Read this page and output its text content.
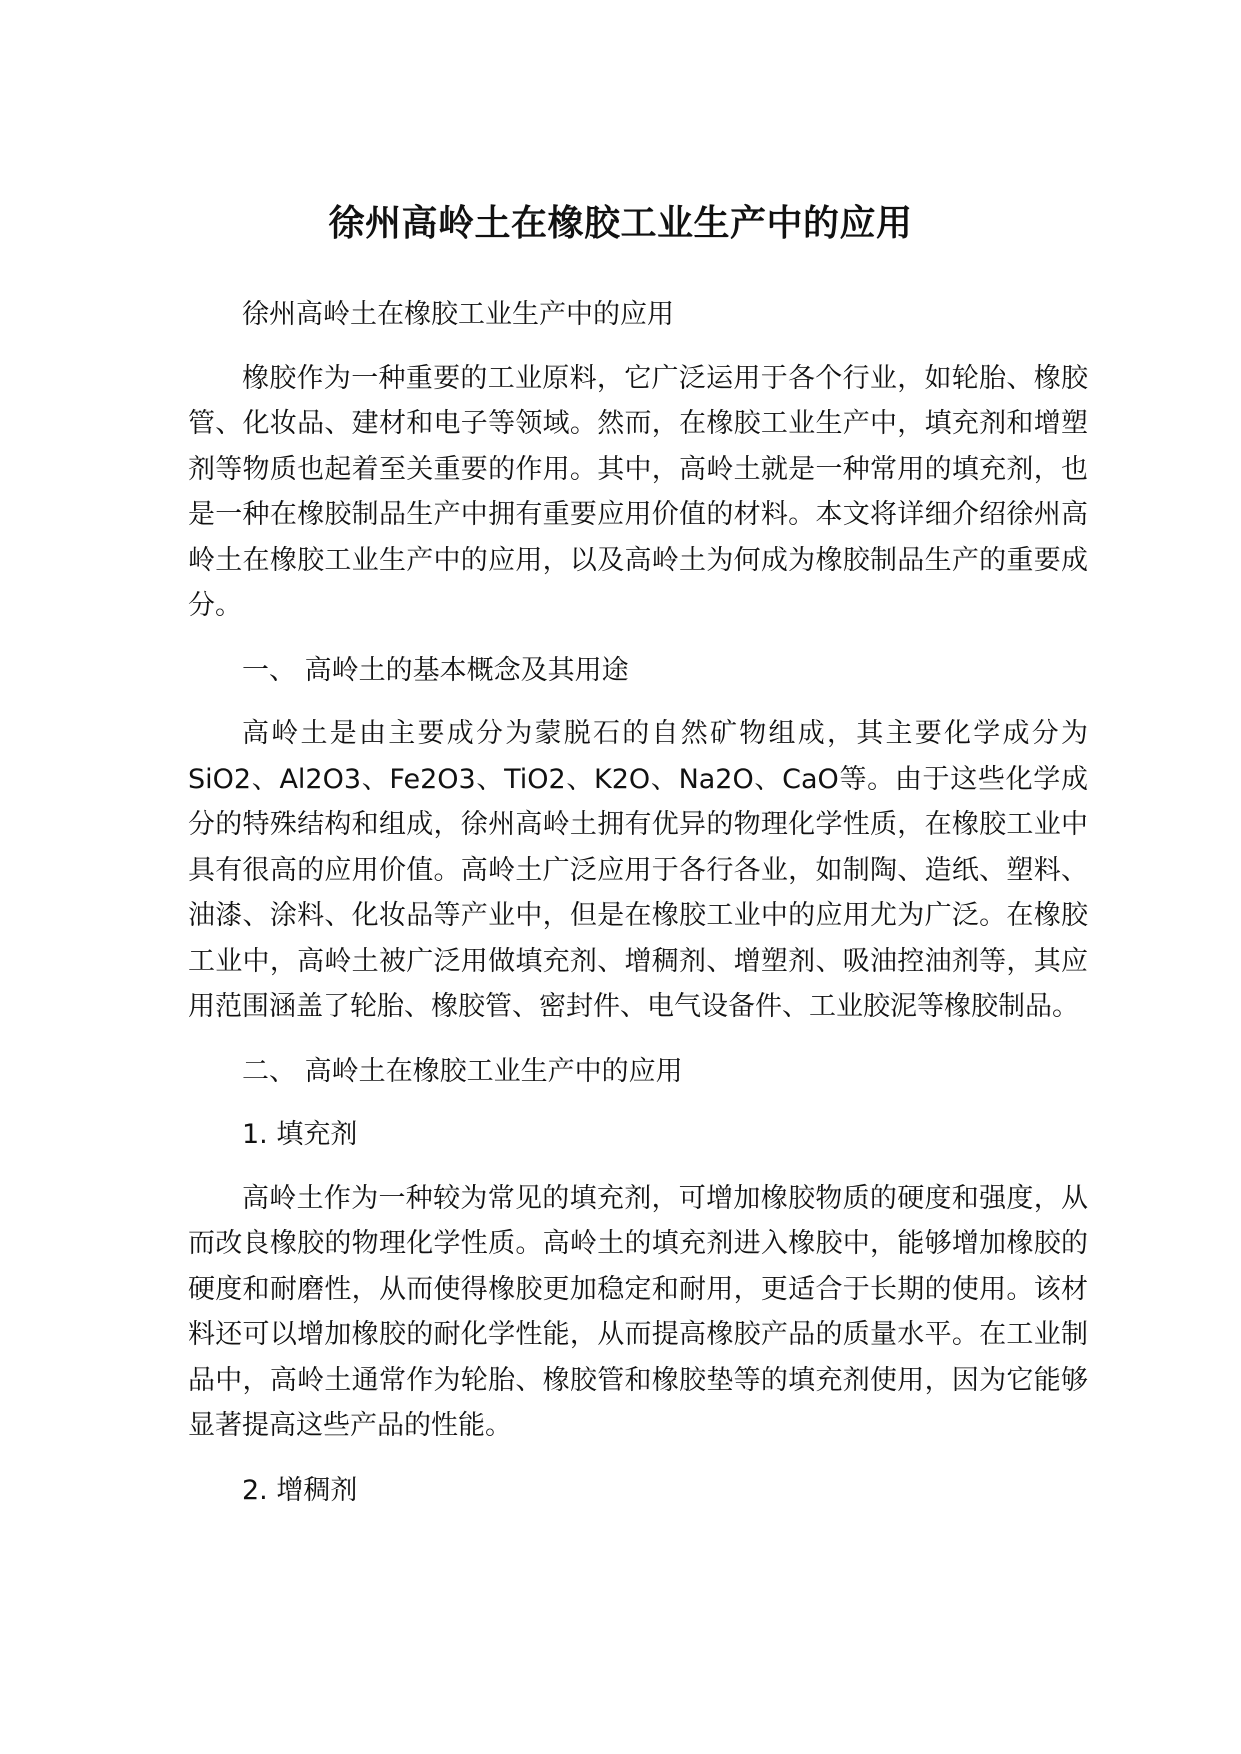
徐州高岭土在橡胶工业生产中的应用

徐州高岭土在橡胶工业生产中的应用

橡胶作为一种重要的工业原料，它广泛运用于各个行业，如轮胎、橡胶管、化妆品、建材和电子等领域。然而，在橡胶工业生产中，填充剂和增塑剂等物质也起着至关重要的作用。其中，高岭土就是一种常用的填充剂，也是一种在橡胶制品生产中拥有重要应用价值的材料。本文将详细介绍徐州高岭土在橡胶工业生产中的应用，以及高岭土为何成为橡胶制品生产的重要成分。

一、 高岭土的基本概念及其用途

高岭土是由主要成分为蒙脱石的自然矿物组成，其主要化学成分为SiO2、Al2O3、Fe2O3、TiO2、K2O、Na2O、CaO等。由于这些化学成分的特殊结构和组成，徐州高岭土拥有优异的物理化学性质，在橡胶工业中具有很高的应用价值。高岭土广泛应用于各行各业，如制陶、造纸、塑料、油漆、涂料、化妆品等产业中，但是在橡胶工业中的应用尤为广泛。在橡胶工业中，高岭土被广泛用做填充剂、增稠剂、增塑剂、吸油控油剂等，其应用范围涵盖了轮胎、橡胶管、密封件、电气设备件、工业胶泥等橡胶制品。

二、 高岭土在橡胶工业生产中的应用

1. 填充剂

高岭土作为一种较为常见的填充剂，可增加橡胶物质的硬度和强度，从而改良橡胶的物理化学性质。高岭土的填充剂进入橡胶中，能够增加橡胶的硬度和耐磨性，从而使得橡胶更加稳定和耐用，更适合于长期的使用。该材料还可以增加橡胶的耐化学性能，从而提高橡胶产品的质量水平。在工业制品中，高岭土通常作为轮胎、橡胶管和橡胶垫等的填充剂使用，因为它能够显著提高这些产品的性能。

2. 增稠剂
